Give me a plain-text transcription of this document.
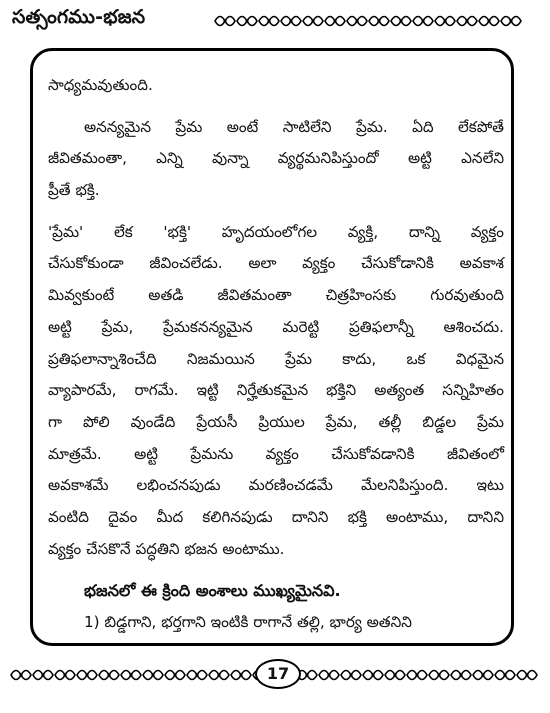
సత్సంగము-భజన
సాధ్యమవుతుంది.
అనన్యమైన ప్రేమ అంటే సాటిలేని ప్రేమ. ఏది లేకపోతే
జీవితమంతా, ఎన్ని వున్నా వ్యర్థమనిపిస్తుందో అట్టి ఎనలేని
ప్రీతే భక్తి.
'ప్రేమ' లేక 'భక్తి' హృదయంలోగల వ్యక్తి, దాన్ని వ్యక్తం
చేసుకోకుండా జీవించలేడు. అలా వ్యక్తం చేసుకోడానికి అవకాశ
మివ్వకుంటే అతడి జీవితమంతా చిత్రహింసకు గురవుతుంది
అట్టి ప్రేమ, ప్రేమకనన్యమైన మరెట్టి ప్రతిఫలాన్నీ ఆశించదు.
ప్రతిఫలాన్నాశించేది నిజమయిన ప్రేమ కాదు, ఒక విధమైన
వ్యాపారమే, రాగమే. ఇట్టి నిర్హేతుకమైన భక్తిని అత్యంత సన్నిహితం
గా పోలి వుండేది ప్రేయసీ ప్రియుల ప్రేమ, తల్లీ బిడ్డల ప్రేమ
మాత్రమే. అట్టి ప్రేమను వ్యక్తం చేసుకోవడానికి జీవితంలో
అవకాశమే లభించనపుడు మరణించడమే మేలనిపిస్తుంది. ఇటు
వంటిది దైవం మీద కలిగినపుడు దానిని భక్తి అంటాము, దానిని
వ్యక్తం చేసకొనే పద్ధతిని భజన అంటాము.
భజనలో ఈ క్రింది అంశాలు ముఖ్యమైనవి.
1) బిడ్డగాని, భర్తగాని ఇంటికి రాగానే తల్లి, భార్య అతనిని
17
